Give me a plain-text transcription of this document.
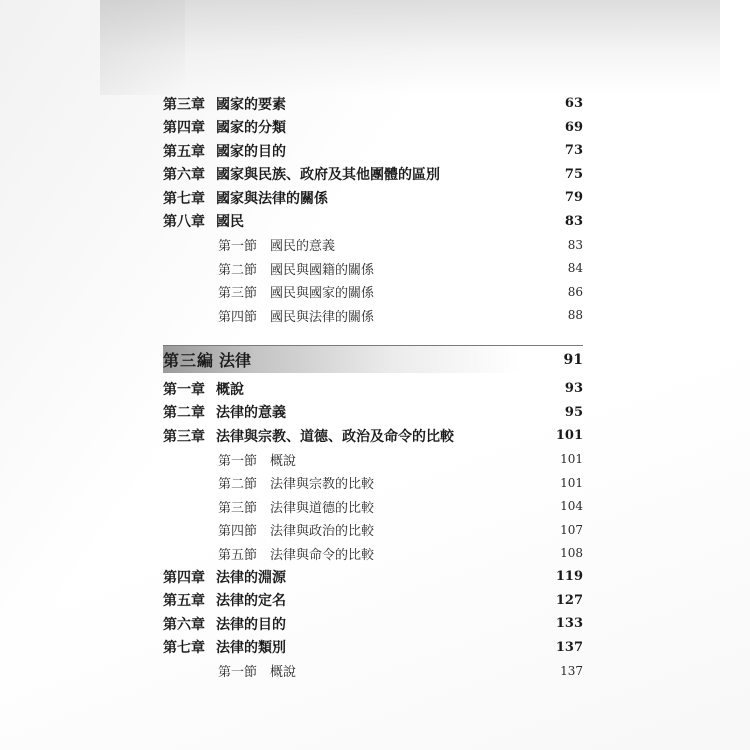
第三章 國家的要素	63
第四章 國家的分類	69
第五章 國家的目的	73
第六章 國家與民族、政府及其他團體的區別	75
第七章 國家與法律的關係	79
第八章 國民	83
第一節 國民的意義	83
第二節 國民與國籍的關係	84
第三節 國民與國家的關係	86
第四節 國民與法律的關係	88
第三編 法律	91
第一章 概說	93
第二章 法律的意義	95
第三章 法律與宗教、道德、政治及命令的比較	101
第一節 概說	101
第二節 法律與宗教的比較	101
第三節 法律與道德的比較	104
第四節 法律與政治的比較	107
第五節 法律與命令的比較	108
第四章 法律的淵源	119
第五章 法律的定名	127
第六章 法律的目的	133
第七章 法律的類別	137
第一節 概說	137
